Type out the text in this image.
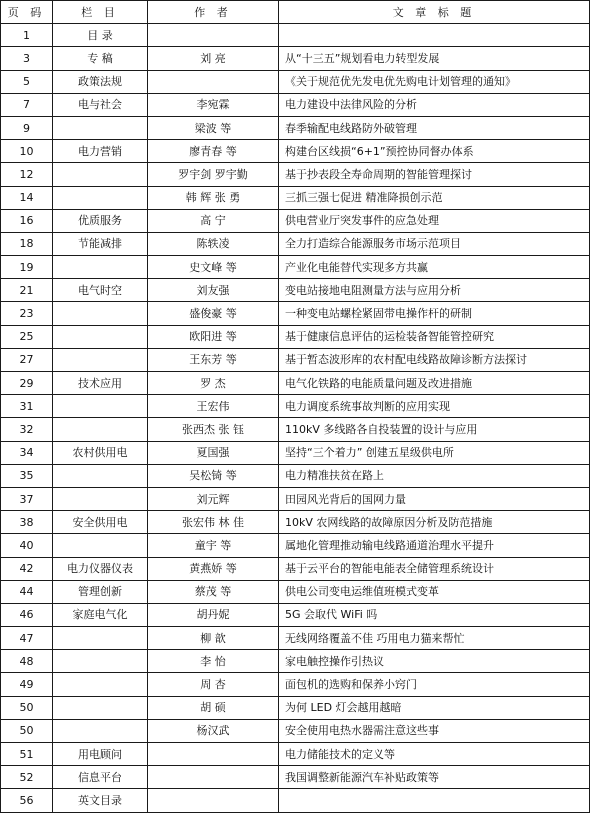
页 码	栏 目	作 者	文 章 标 题
1	目 录		
3	专 稿	刘 亮	从“十三五”规划看电力转型发展
5	政策法规		《关于规范优先发电优先购电计划管理的通知》
7	电与社会	李宛霖	电力建设中法律风险的分析
9		梁波 等	春季输配电线路防外破管理
10	电力营销	廖青春 等	构建台区线损“6+1”预控协同督办体系
12		罗宇剑 罗宇勤	基于抄表段全寿命周期的智能管理探讨
14		韩 辉 张 勇	三抓三强七促进 精准降损创示范
16	优质服务	高 宁	供电营业厅突发事件的应急处理
18	节能减排	陈轶凌	全力打造综合能源服务市场示范项目
19		史文峰 等	产业化电能替代实现多方共赢
21	电气时空	刘友强	变电站接地电阻测量方法与应用分析
23		盛俊豪 等	一种变电站螺栓紧固带电操作杆的研制
25		欧阳进 等	基于健康信息评估的运检装备智能管控研究
27		王东芳 等	基于暂态波形库的农村配电线路故障诊断方法探讨
29	技术应用	罗 杰	电气化铁路的电能质量问题及改进措施
31		王宏伟	电力调度系统事故判断的应用实现
32		张西杰 张 钰	110kV 多线路各自投装置的设计与应用
34	农村供用电	夏国强	坚持“三个着力” 创建五星级供电所
35		吴松锜 等	电力精准扶贫在路上
37		刘元辉	田园风光背后的国网力量
38	安全供用电	张宏伟 林 佳	10kV 农网线路的故障原因分析及防范措施
40		童宇 等	属地化管理推动输电线路通道治理水平提升
42	电力仪器仪表	黄燕娇 等	基于云平台的智能电能表全储管理系统设计
44	管理创新	蔡茂 等	供电公司变电运维值班模式变革
46	家庭电气化	胡丹妮	5G 会取代 WiFi 吗
47		柳 歆	无线网络覆盖不佳 巧用电力猫来帮忙
48		李 怡	家电触控操作引热议
49		周 杏	面包机的选购和保养小窍门
50		胡 硕	为何 LED 灯会越用越暗
50		杨汉武	安全使用电热水器需注意这些事
51	用电顾问		电力储能技术的定义等
52	信息平台		我国调整新能源汽车补贴政策等
56	英文目录		
